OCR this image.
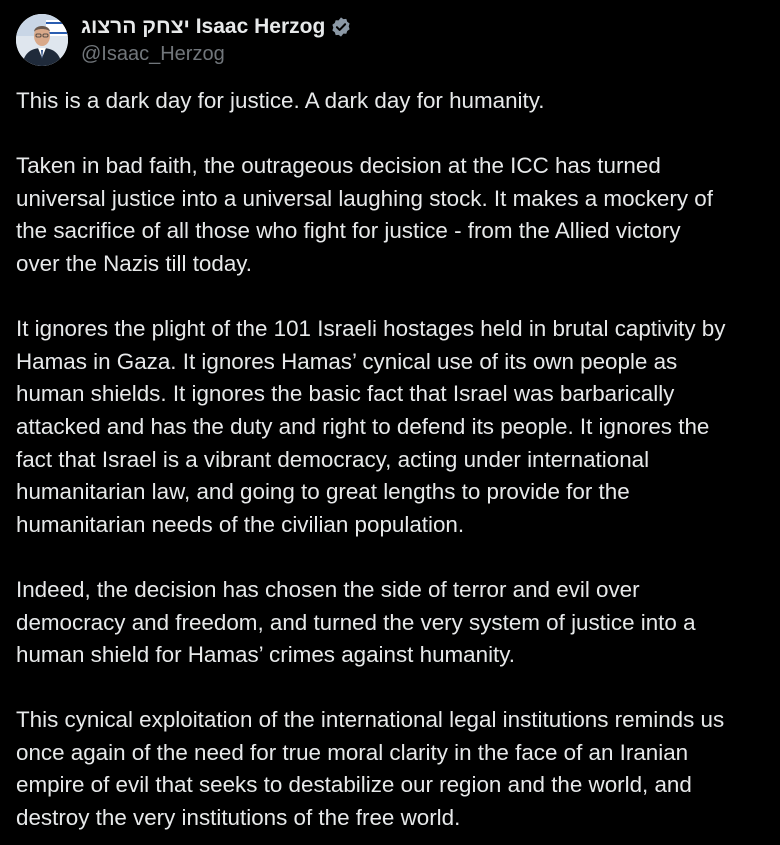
יצחק הרצוג Isaac Herzog
@Isaac_Herzog

This is a dark day for justice. A dark day for humanity.

Taken in bad faith, the outrageous decision at the ICC has turned
universal justice into a universal laughing stock. It makes a mockery of
the sacrifice of all those who fight for justice - from the Allied victory
over the Nazis till today.

It ignores the plight of the 101 Israeli hostages held in brutal captivity by
Hamas in Gaza. It ignores Hamas’ cynical use of its own people as
human shields. It ignores the basic fact that Israel was barbarically
attacked and has the duty and right to defend its people. It ignores the
fact that Israel is a vibrant democracy, acting under international
humanitarian law, and going to great lengths to provide for the
humanitarian needs of the civilian population.

Indeed, the decision has chosen the side of terror and evil over
democracy and freedom, and turned the very system of justice into a
human shield for Hamas’ crimes against humanity.

This cynical exploitation of the international legal institutions reminds us
once again of the need for true moral clarity in the face of an Iranian
empire of evil that seeks to destabilize our region and the world, and
destroy the very institutions of the free world.
